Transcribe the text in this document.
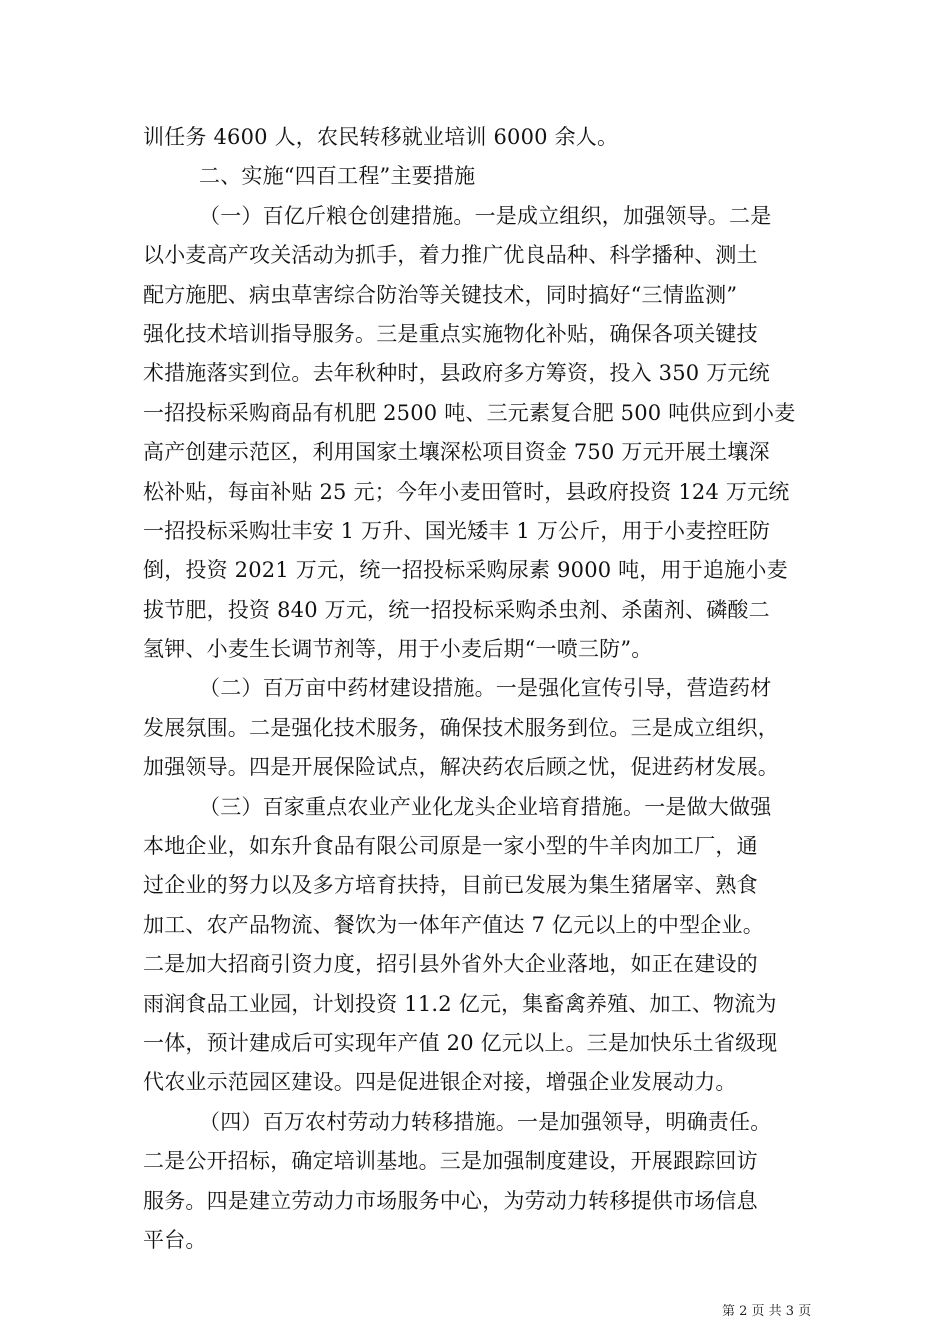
训任务 4600 人，农民转移就业培训 6000 余人。
二、实施“四百工程”主要措施
（一）百亿斤粮仓创建措施。一是成立组织，加强领导。二是
以小麦高产攻关活动为抓手，着力推广优良品种、科学播种、测土
配方施肥、病虫草害综合防治等关键技术，同时搞好“三情监测”
强化技术培训指导服务。三是重点实施物化补贴，确保各项关键技
术措施落实到位。去年秋种时，县政府多方筹资，投入 350 万元统
一招投标采购商品有机肥 2500 吨、三元素复合肥 500 吨供应到小麦
高产创建示范区，利用国家土壤深松项目资金 750 万元开展土壤深
松补贴，每亩补贴 25 元；今年小麦田管时，县政府投资 124 万元统
一招投标采购壮丰安 1 万升、国光矮丰 1 万公斤，用于小麦控旺防
倒，投资 2021 万元，统一招投标采购尿素 9000 吨，用于追施小麦
拔节肥，投资 840 万元，统一招投标采购杀虫剂、杀菌剂、磷酸二
氢钾、小麦生长调节剂等，用于小麦后期“一喷三防”。
（二）百万亩中药材建设措施。一是强化宣传引导，营造药材
发展氛围。二是强化技术服务，确保技术服务到位。三是成立组织，
加强领导。四是开展保险试点，解决药农后顾之忧，促进药材发展。
（三）百家重点农业产业化龙头企业培育措施。一是做大做强
本地企业，如东升食品有限公司原是一家小型的牛羊肉加工厂，通
过企业的努力以及多方培育扶持，目前已发展为集生猪屠宰、熟食
加工、农产品物流、餐饮为一体年产值达 7 亿元以上的中型企业。
二是加大招商引资力度，招引县外省外大企业落地，如正在建设的
雨润食品工业园，计划投资 11.2 亿元，集畜禽养殖、加工、物流为
一体，预计建成后可实现年产值 20 亿元以上。三是加快乐土省级现
代农业示范园区建设。四是促进银企对接，增强企业发展动力。
（四）百万农村劳动力转移措施。一是加强领导，明确责任。
二是公开招标，确定培训基地。三是加强制度建设，开展跟踪回访
服务。四是建立劳动力市场服务中心，为劳动力转移提供市场信息
平台。
第 2 页 共 3 页
